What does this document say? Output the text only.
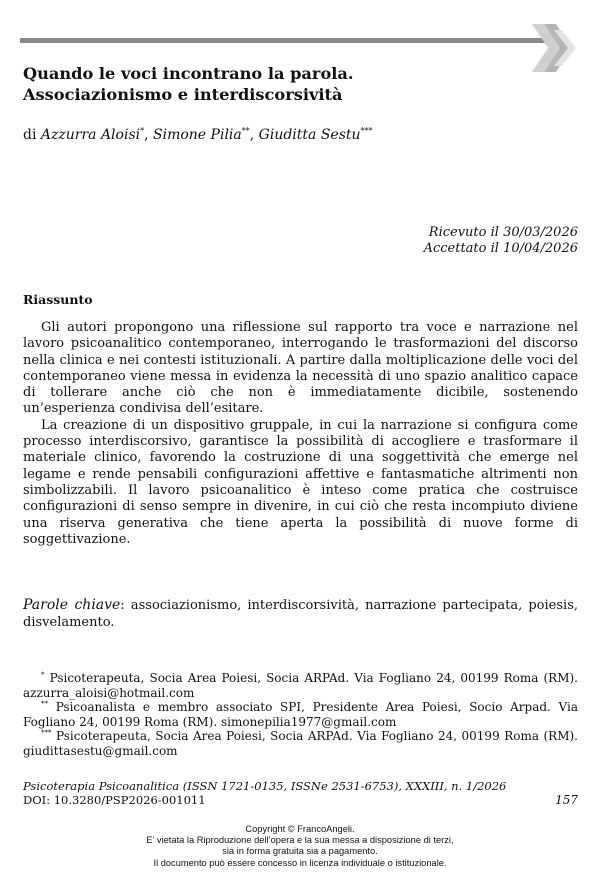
Quando le voci incontrano la parola.
Associazionismo e interdiscorsività
di Azzurra Aloisi*, Simone Pilia**, Giuditta Sestu***
Ricevuto il 30/03/2026
Accettato il 10/04/2026
Riassunto

Gli autori propongono una riflessione sul rapporto tra voce e narrazione nel lavoro psicoanalitico contemporaneo, interrogando le trasformazioni del discorso nella clinica e nei contesti istituzionali. A partire dalla moltiplicazione delle voci del contemporaneo viene messa in evidenza la necessità di uno spazio analitico capace di tollerare anche ciò che non è immediatamente dicibile, sostenendo un’esperienza condivisa dell’esitare.

La creazione di un dispositivo gruppale, in cui la narrazione si configura come processo interdiscorsivo, garantisce la possibilità di accogliere e trasformare il materiale clinico, favorendo la costruzione di una soggettività che emerge nel legame e rende pensabili configurazioni affettive e fantasmatiche altrimenti non simbolizzabili. Il lavoro psicoanalitico è inteso come pratica che costruisce configurazioni di senso sempre in divenire, in cui ciò che resta incompiuto diviene una riserva generativa che tiene aperta la possibilità di nuove forme di soggettivazione.

Parole chiave: associazionismo, interdiscorsività, narrazione partecipata, poiesis, disvelamento.

* Psicoterapeuta, Socia Area Poiesi, Socia ARPAd. Via Fogliano 24, 00199 Roma (RM). azzurra_aloisi@hotmail.com

** Psicoanalista e membro associato SPI, Presidente Area Poiesi, Socio Arpad. Via Fogliano 24, 00199 Roma (RM). simonepilia1977@gmail.com

*** Psicoterapeuta, Socia Area Poiesi, Socia ARPAd. Via Fogliano 24, 00199 Roma (RM). giudittasestu@gmail.com

Psicoterapia Psicoanalitica (ISSN 1721-0135, ISSNe 2531-6753), XXXIII, n. 1/2026
DOI: 10.3280/PSP2026-001011	157
Copyright © FrancoAngeli.
E’ vietata la Riproduzione dell’opera e la sua messa a disposizione di terzi,
sia in forma gratuita sia a pagamento.
Il documento può essere concesso in licenza individuale o istituzionale.
